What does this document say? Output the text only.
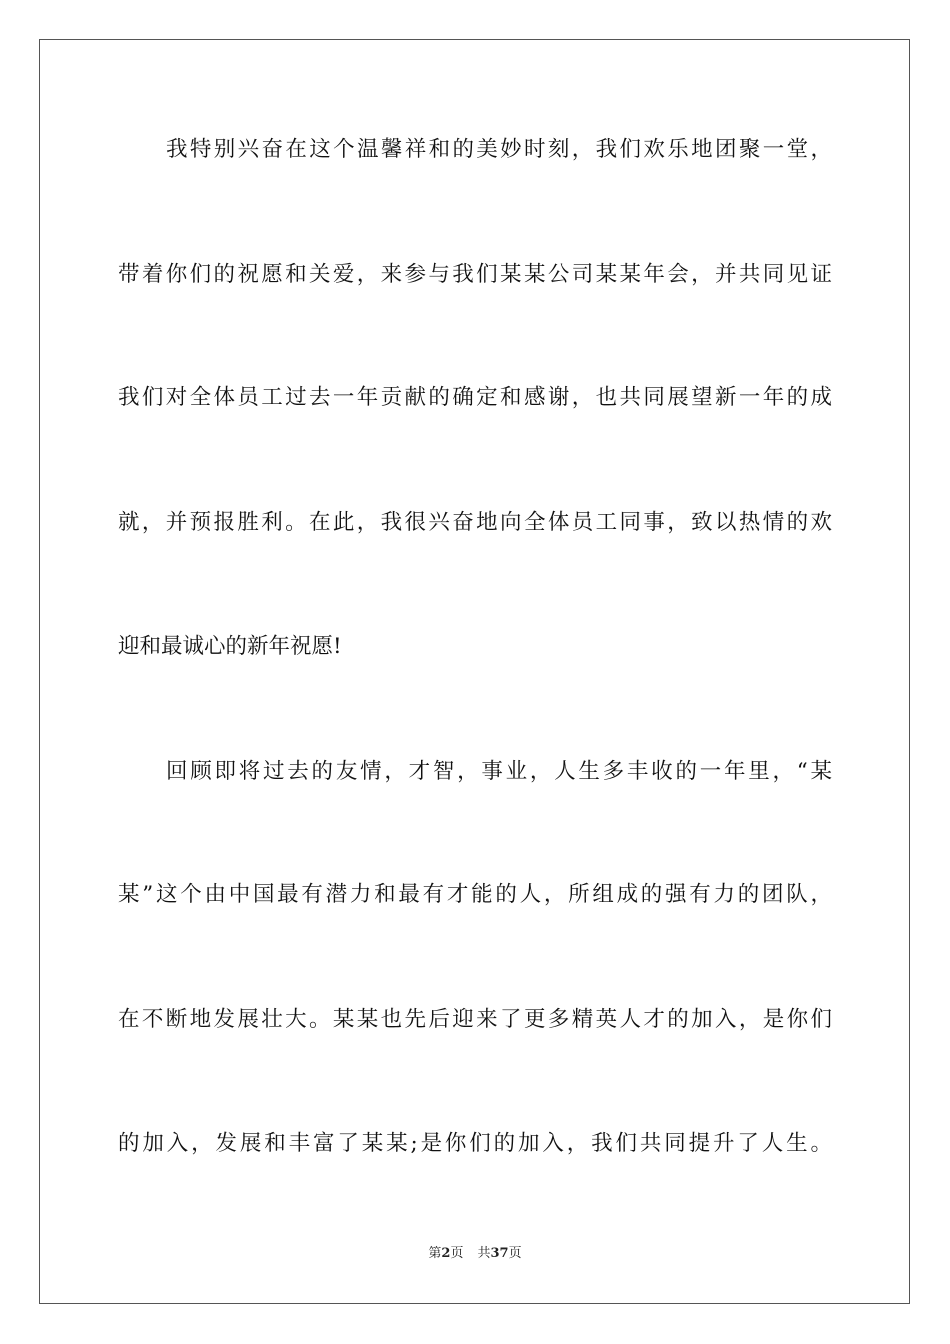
我特别兴奋在这个温馨祥和的美妙时刻，我们欢乐地团聚一堂，
带着你们的祝愿和关爱，来参与我们某某公司某某年会，并共同见证
我们对全体员工过去一年贡献的确定和感谢，也共同展望新一年的成
就，并预报胜利。在此，我很兴奋地向全体员工同事，致以热情的欢
迎和最诚心的新年祝愿!
回顾即将过去的友情，才智，事业，人生多丰收的一年里，“某
某”这个由中国最有潜力和最有才能的人，所组成的强有力的团队，
在不断地发展壮大。某某也先后迎来了更多精英人才的加入，是你们
的加入，发展和丰富了某某;是你们的加入，我们共同提升了人生。
第2页 共37页
